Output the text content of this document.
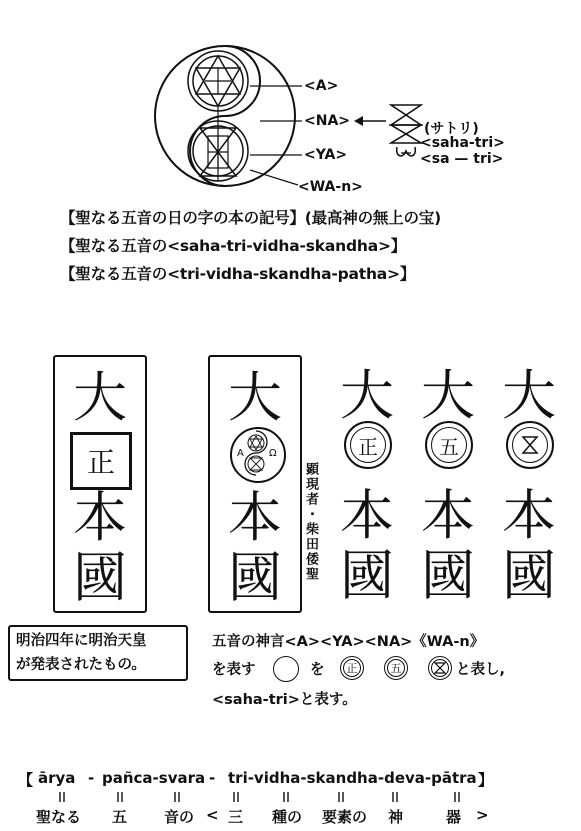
<A>
<NA>
<YA>
<WA-n>
(サトリ)
<saha-tri>
<sa — tri>
【聖なる五音の日の字の本の記号】(最高神の無上の宝)
【聖なる五音の<saha-tri-vidha-skandha>】
【聖なる五音の<tri-vidha-skandha-patha>】
大
本
國
大
A	Ω
本
國	顕現者・柴田倭聖
大
正
本
國
大
五
本
國
大
本
國
正
明治四年に明治天皇
が発表されたもの。
五音の神言<A><YA><NA>《WA-n》
を表す	を	正	五	と表し,
<saha-tri>と表す。
【 ārya - pañca-svara - tri-vidha-skandha-deva-pātra 】
聖なる 五 音の < 三 種の 要素の 神	器 >
